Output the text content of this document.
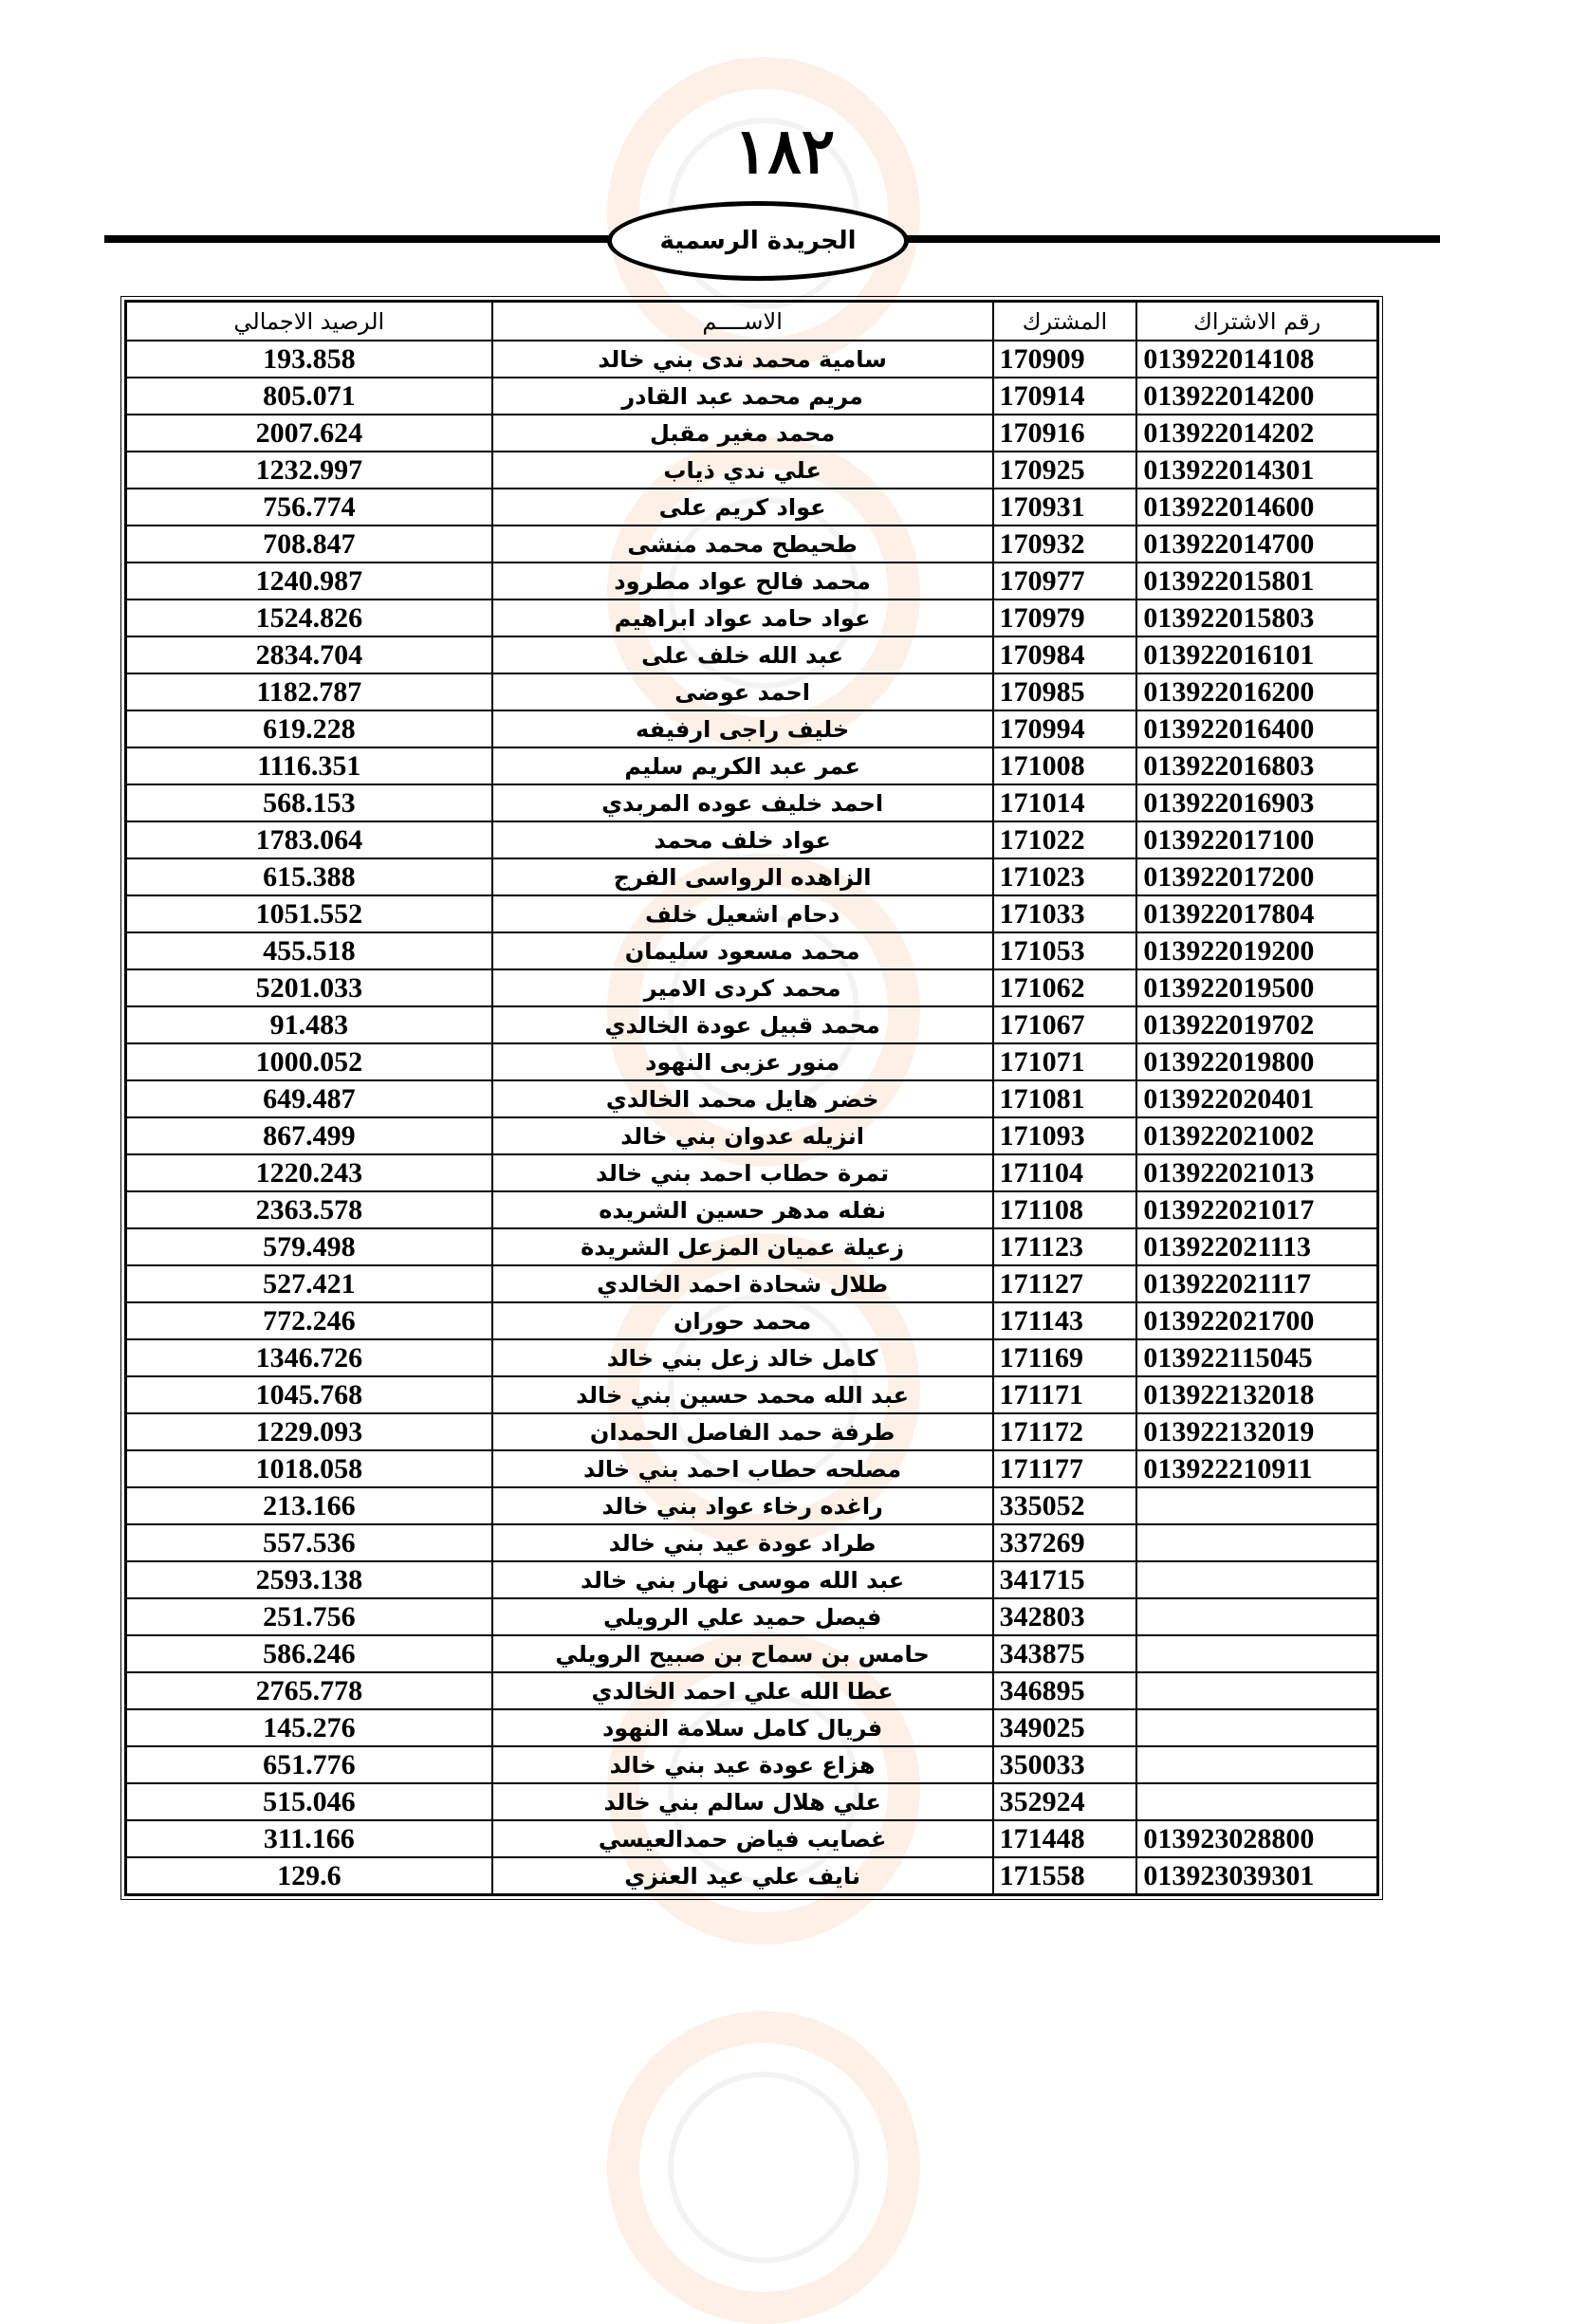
١٨٢
الجريدة الرسمية
رقم الاشتراك	المشترك	الاســــم	الرصيد الاجمالي
013922014108	170909	سامية محمد ندى بني خالد	193.858
013922014200	170914	مريم محمد عبد القادر	805.071
013922014202	170916	محمد مغير مقبل	2007.624
013922014301	170925	علي ندي ذياب	1232.997
013922014600	170931	عواد كريم على	756.774
013922014700	170932	طحيطح محمد منشى	708.847
013922015801	170977	محمد فالح عواد مطرود	1240.987
013922015803	170979	عواد حامد عواد ابراهيم	1524.826
013922016101	170984	عبد الله خلف على	2834.704
013922016200	170985	احمد عوضى	1182.787
013922016400	170994	خليف راجى ارفيفه	619.228
013922016803	171008	عمر عبد الكريم سليم	1116.351
013922016903	171014	احمد خليف عوده المربدي	568.153
013922017100	171022	عواد خلف محمد	1783.064
013922017200	171023	الزاهده الرواسى الفرج	615.388
013922017804	171033	دحام اشعيل خلف	1051.552
013922019200	171053	محمد مسعود سليمان	455.518
013922019500	171062	محمد كردى الامير	5201.033
013922019702	171067	محمد قبيل عودة الخالدي	91.483
013922019800	171071	منور عزبى النهود	1000.052
013922020401	171081	خضر هايل محمد الخالدي	649.487
013922021002	171093	انزيله عدوان بني خالد	867.499
013922021013	171104	تمرة حطاب احمد بني خالد	1220.243
013922021017	171108	نفله مدهر حسين الشريده	2363.578
013922021113	171123	زعيلة عميان المزعل الشريدة	579.498
013922021117	171127	طلال شحادة احمد الخالدي	527.421
013922021700	171143	محمد حوران	772.246
013922115045	171169	كامل خالد زعل بني خالد	1346.726
013922132018	171171	عبد الله محمد حسين بني خالد	1045.768
013922132019	171172	طرفة حمد الفاصل الحمدان	1229.093
013922210911	171177	مصلحه حطاب احمد بني خالد	1018.058
	335052	راغده رخاء عواد بني خالد	213.166
	337269	طراد عودة عيد بني خالد	557.536
	341715	عبد الله موسى نهار بني خالد	2593.138
	342803	فيصل حميد علي الرويلي	251.756
	343875	حامس بن سماح بن صبيح الرويلي	586.246
	346895	عطا الله علي احمد الخالدي	2765.778
	349025	فريال كامل سلامة النهود	145.276
	350033	هزاع عودة عيد بني خالد	651.776
	352924	علي هلال سالم بني خالد	515.046
013923028800	171448	غصايب فياض حمدالعيسي	311.166
013923039301	171558	نايف علي عيد العنزي	129.6
